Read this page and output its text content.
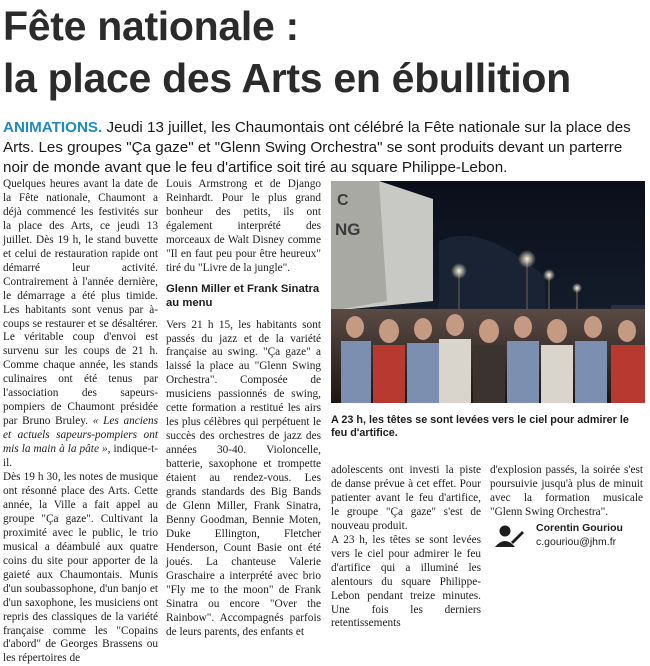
Fête nationale :
la place des Arts en ébullition
ANIMATIONS. Jeudi 13 juillet, les Chaumontais ont célébré la Fête nationale sur la place des Arts. Les groupes "Ça gaze" et "Glenn Swing Orchestra" se sont produits devant un parterre noir de monde avant que le feu d'artifice soit tiré au square Philippe-Lebon.

Quelques heures avant la date de la Fête nationale, Chaumont a déjà commencé les festivités sur la place des Arts, ce jeudi 13 juillet. Dès 19 h, le stand buvette et celui de restauration rapide ont démarré leur activité. Contrairement à l'année dernière, le démarrage a été plus timide. Les habitants sont venus par à-coups se restaurer et se désaltérer. Le véritable coup d'envoi est survenu sur les coups de 21 h. Comme chaque année, les stands culinaires ont été tenus par l'association des sapeurs-pompiers de Chaumont présidée par Bruno Bruley. « Les anciens et actuels sapeurs-pompiers ont mis la main à la pâte », indique-t-il.

Dès 19 h 30, les notes de musique ont résonné place des Arts. Cette année, la Ville a fait appel au groupe "Ça gaze". Cultivant la proximité avec le public, le trio musical a déambulé aux quatre coins du site pour apporter de la gaieté aux Chaumontais. Munis d'un soubassophone, d'un banjo et d'un saxophone, les musiciens ont repris des classiques de la variété française comme les "Copains d'abord" de Georges Brassens ou les répertoires de

Louis Armstrong et de Django Reinhardt. Pour le plus grand bonheur des petits, ils ont également interprété des morceaux de Walt Disney comme "Il en faut peu pour être heureux" tiré du "Livre de la jungle".

Glenn Miller et Frank Sinatra au menu

Vers 21 h 15, les habitants sont passés du jazz et de la variété française au swing. "Ça gaze" a laissé la place au "Glenn Swing Orchestra". Composée de musiciens passionnés de swing, cette formation a restitué les airs les plus célèbres qui perpétuent le succès des orchestres de jazz des années 30-40. Violoncelle, batterie, saxophone et trompette étaient au rendez-vous. Les grands standards des Big Bands de Glenn Miller, Frank Sinatra, Benny Goodman, Bennie Moten, Duke Ellington, Fletcher Henderson, Count Basie ont été joués. La chanteuse Valerie Graschaire a interprété avec brio "Fly me to the moon" de Frank Sinatra ou encore "Over the Rainbow". Accompagnés parfois de leurs parents, des enfants et

C
NG
A 23 h, les têtes se sont levées vers le ciel pour admirer le feu d'artifice.

adolescents ont investi la piste de danse prévue à cet effet. Pour patienter avant le feu d'artifice, le groupe "Ça gaze" s'est de nouveau produit.

A 23 h, les têtes se sont levées vers le ciel pour admirer le feu d'artifice qui a illuminé les alentours du square Philippe-Lebon pendant treize minutes. Une fois les derniers retentissements

d'explosion passés, la soirée s'est poursuivie jusqu'à plus de minuit avec la formation musicale "Glenn Swing Orchestra".

Corentin Gouriou
c.gouriou@jhm.fr
